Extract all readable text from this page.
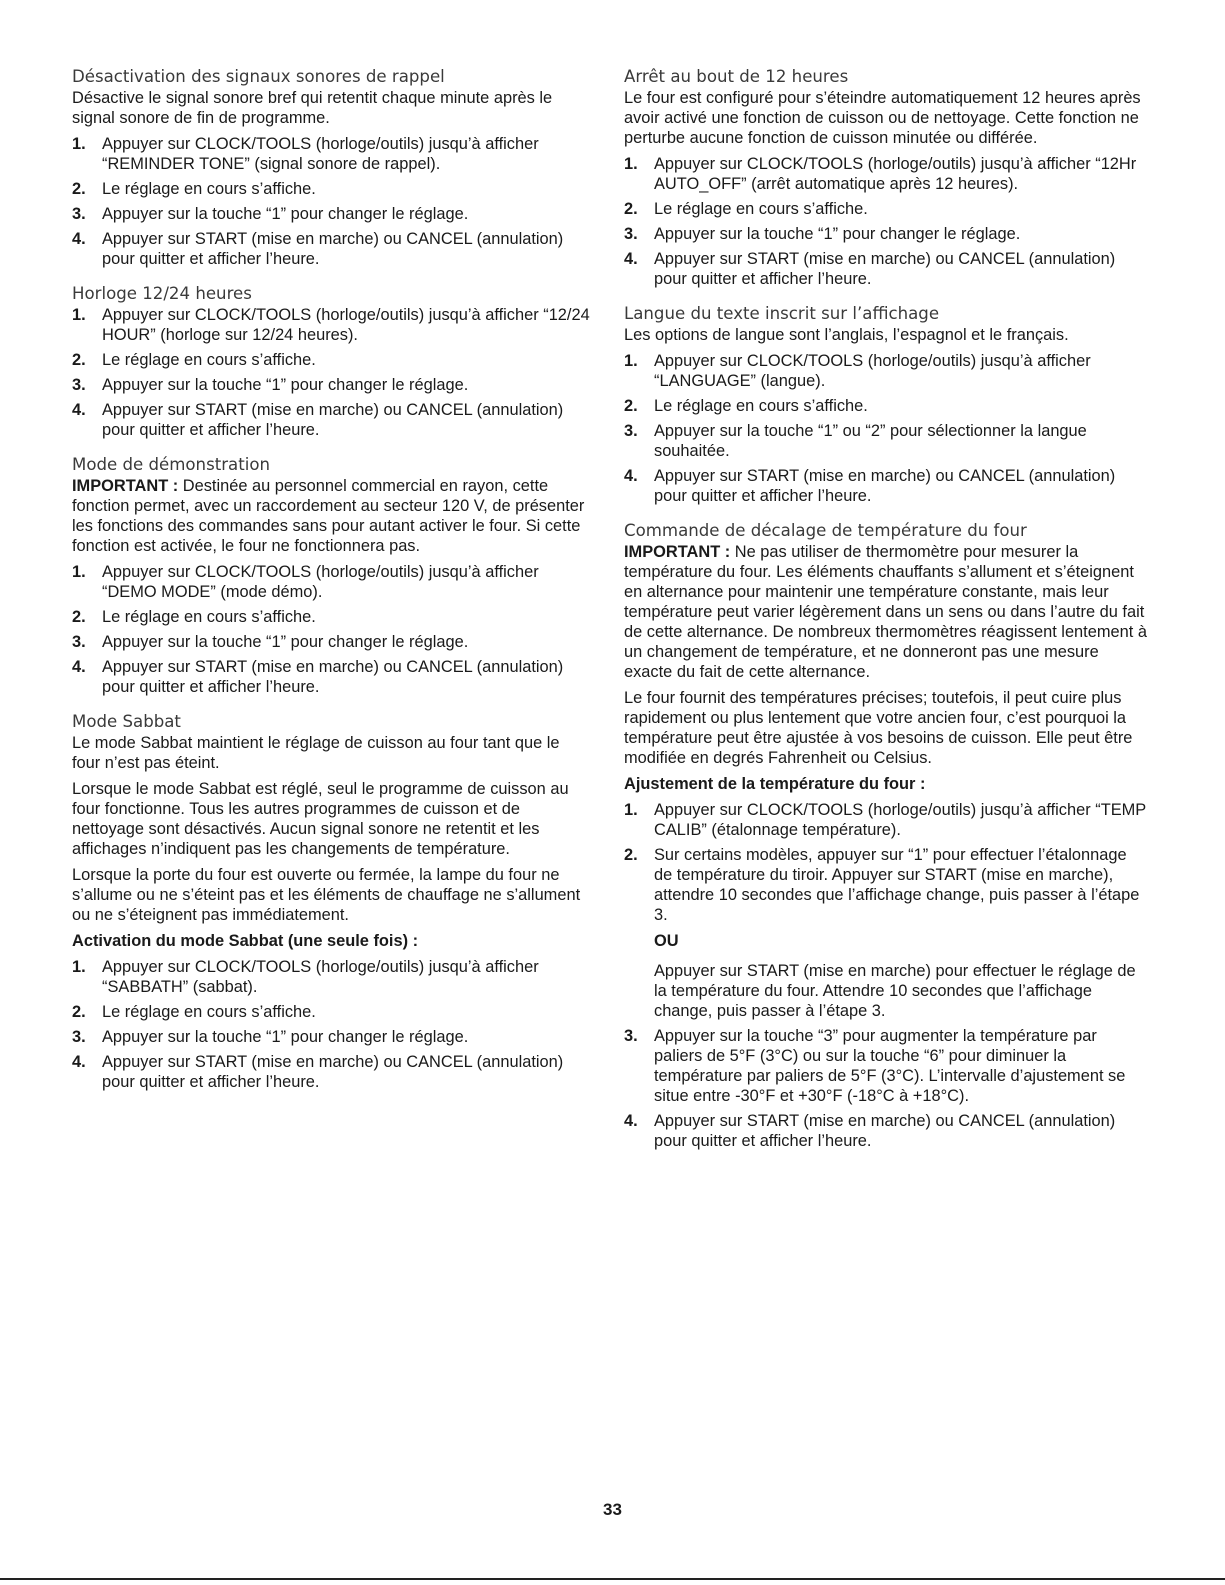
Désactivation des signaux sonores de rappel

Désactive le signal sonore bref qui retentit chaque minute après le signal sonore de fin de programme.

1. Appuyer sur CLOCK/TOOLS (horloge/outils) jusqu’à afficher “REMINDER TONE” (signal sonore de rappel).
2. Le réglage en cours s’affiche.
3. Appuyer sur la touche “1” pour changer le réglage.
4. Appuyer sur START (mise en marche) ou CANCEL (annulation) pour quitter et afficher l’heure.
Horloge 12/24 heures
1. Appuyer sur CLOCK/TOOLS (horloge/outils) jusqu’à afficher “12/24 HOUR” (horloge sur 12/24 heures).
2. Le réglage en cours s’affiche.
3. Appuyer sur la touche “1” pour changer le réglage.
4. Appuyer sur START (mise en marche) ou CANCEL (annulation) pour quitter et afficher l’heure.
Mode de démonstration

IMPORTANT : Destinée au personnel commercial en rayon, cette fonction permet, avec un raccordement au secteur 120 V, de présenter les fonctions des commandes sans pour autant activer le four. Si cette fonction est activée, le four ne fonctionnera pas.

1. Appuyer sur CLOCK/TOOLS (horloge/outils) jusqu’à afficher “DEMO MODE” (mode démo).
2. Le réglage en cours s’affiche.
3. Appuyer sur la touche “1” pour changer le réglage.
4. Appuyer sur START (mise en marche) ou CANCEL (annulation) pour quitter et afficher l’heure.
Mode Sabbat

Le mode Sabbat maintient le réglage de cuisson au four tant que le four n’est pas éteint.

Lorsque le mode Sabbat est réglé, seul le programme de cuisson au four fonctionne. Tous les autres programmes de cuisson et de nettoyage sont désactivés. Aucun signal sonore ne retentit et les affichages n’indiquent pas les changements de température.

Lorsque la porte du four est ouverte ou fermée, la lampe du four ne s’allume ou ne s’éteint pas et les éléments de chauffage ne s’allument ou ne s’éteignent pas immédiatement.

Activation du mode Sabbat (une seule fois) :
1. Appuyer sur CLOCK/TOOLS (horloge/outils) jusqu’à afficher “SABBATH” (sabbat).
2. Le réglage en cours s’affiche.
3. Appuyer sur la touche “1” pour changer le réglage.
4. Appuyer sur START (mise en marche) ou CANCEL (annulation) pour quitter et afficher l’heure.
Arrêt au bout de 12 heures

Le four est configuré pour s’éteindre automatiquement 12 heures après avoir activé une fonction de cuisson ou de nettoyage. Cette fonction ne perturbe aucune fonction de cuisson minutée ou différée.

1. Appuyer sur CLOCK/TOOLS (horloge/outils) jusqu’à afficher “12Hr AUTO_OFF” (arrêt automatique après 12 heures).
2. Le réglage en cours s’affiche.
3. Appuyer sur la touche “1” pour changer le réglage.
4. Appuyer sur START (mise en marche) ou CANCEL (annulation) pour quitter et afficher l’heure.
Langue du texte inscrit sur l’affichage

Les options de langue sont l’anglais, l’espagnol et le français.

1. Appuyer sur CLOCK/TOOLS (horloge/outils) jusqu’à afficher “LANGUAGE” (langue).
2. Le réglage en cours s’affiche.
3. Appuyer sur la touche “1” ou “2” pour sélectionner la langue souhaitée.
4. Appuyer sur START (mise en marche) ou CANCEL (annulation) pour quitter et afficher l’heure.
Commande de décalage de température du four

IMPORTANT : Ne pas utiliser de thermomètre pour mesurer la température du four. Les éléments chauffants s’allument et s’éteignent en alternance pour maintenir une température constante, mais leur température peut varier légèrement dans un sens ou dans l’autre du fait de cette alternance. De nombreux thermomètres réagissent lentement à un changement de température, et ne donneront pas une mesure exacte du fait de cette alternance.

Le four fournit des températures précises; toutefois, il peut cuire plus rapidement ou plus lentement que votre ancien four, c’est pourquoi la température peut être ajustée à vos besoins de cuisson. Elle peut être modifiée en degrés Fahrenheit ou Celsius.

Ajustement de la température du four :
1. Appuyer sur CLOCK/TOOLS (horloge/outils) jusqu’à afficher “TEMP CALIB” (étalonnage température).
2. Sur certains modèles, appuyer sur “1” pour effectuer l’étalonnage de température du tiroir. Appuyer sur START (mise en marche), attendre 10 secondes que l’affichage change, puis passer à l’étape 3.
OU
Appuyer sur START (mise en marche) pour effectuer le réglage de la température du four. Attendre 10 secondes que l’affichage change, puis passer à l’étape 3.
3. Appuyer sur la touche “3” pour augmenter la température par paliers de 5°F (3°C) ou sur la touche “6” pour diminuer la température par paliers de 5°F (3°C). L’intervalle d’ajustement se situe entre -30°F et +30°F (-18°C à +18°C).
4. Appuyer sur START (mise en marche) ou CANCEL (annulation) pour quitter et afficher l’heure.
33
